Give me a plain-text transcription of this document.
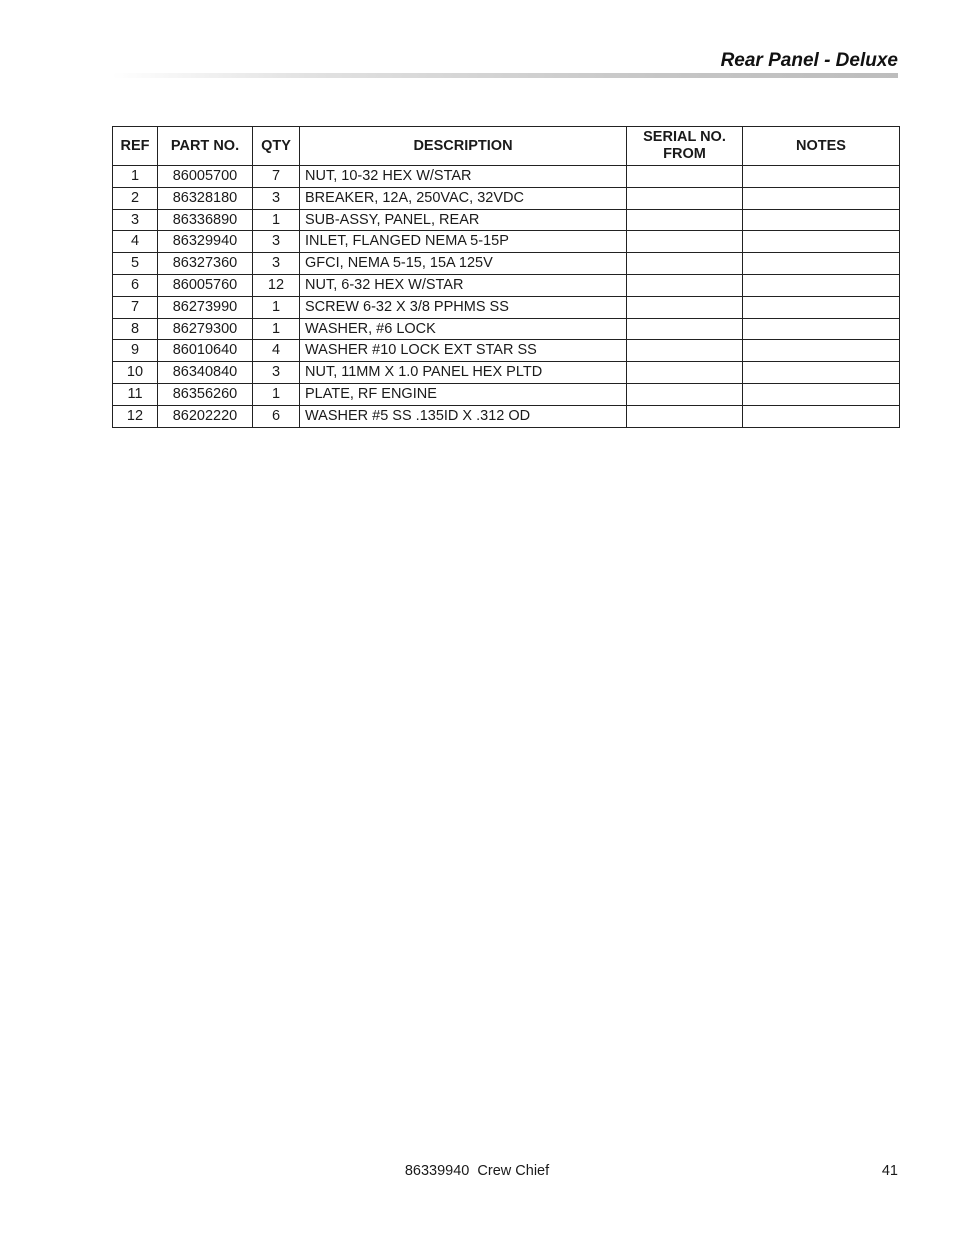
Rear Panel - Deluxe
REF	PART NO.	QTY	DESCRIPTION	SERIAL NO. FROM	NOTES
1	86005700	7	NUT, 10-32 HEX W/STAR		
2	86328180	3	BREAKER, 12A, 250VAC, 32VDC		
3	86336890	1	SUB-ASSY, PANEL, REAR		
4	86329940	3	INLET, FLANGED NEMA 5-15P		
5	86327360	3	GFCI, NEMA 5-15, 15A 125V		
6	86005760	12	NUT, 6-32 HEX W/STAR		
7	86273990	1	SCREW 6-32 X 3/8 PPHMS SS		
8	86279300	1	WASHER, #6 LOCK		
9	86010640	4	WASHER #10 LOCK EXT STAR SS		
10	86340840	3	NUT, 11MM X 1.0 PANEL HEX PLTD		
11	86356260	1	PLATE, RF ENGINE		
12	86202220	6	WASHER #5 SS .135ID X .312 OD		
86339940  Crew Chief	41
